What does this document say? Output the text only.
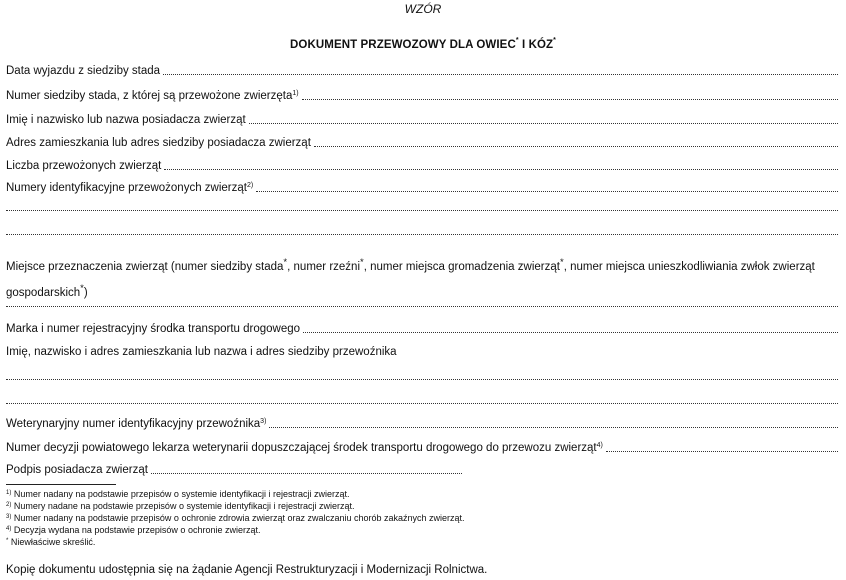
WZÓR
DOKUMENT PRZEWOZOWY DLA OWIEC* I KÓZ*
Data wyjazdu z siedziby stada
Numer siedziby stada, z której są przewożone zwierzęta$^{1)}$
Imię i nazwisko lub nazwa posiadacza zwierząt
Adres zamieszkania lub adres siedziby posiadacza zwierząt
Liczba przewożonych zwierząt
Numery identyfikacyjne przewożonych zwierząt$^{2)}$
Miejsce przeznaczenia zwierząt (numer siedziby stada*, numer rzeźni*, numer miejsca gromadzenia zwierząt*, numer miejsca unieszkodliwiania zwłok zwierząt gospodarskich*)
Marka i numer rejestracyjny środka transportu drogowego
Imię, nazwisko i adres zamieszkania lub nazwa i adres siedziby przewoźnika
Weterynaryjny numer identyfikacyjny przewoźnika$^{3)}$
Numer decyzji powiatowego lekarza weterynarii dopuszczającej środek transportu drogowego do przewozu zwierząt$^{4)}$
Podpis posiadacza zwierząt
$^{1)}$ Numer nadany na podstawie przepisów o systemie identyfikacji i rejestracji zwierząt.
$^{2)}$ Numery nadane na podstawie przepisów o systemie identyfikacji i rejestracji zwierząt.
$^{3)}$ Numer nadany na podstawie przepisów o ochronie zdrowia zwierząt oraz zwalczaniu chorób zakaźnych zwierząt.
$^{4)}$ Decyzja wydana na podstawie przepisów o ochronie zwierząt.
* Niewłaściwe skreślić.
Kopię dokumentu udostępnia się na żądanie Agencji Restrukturyzacji i Modernizacji Rolnictwa.
